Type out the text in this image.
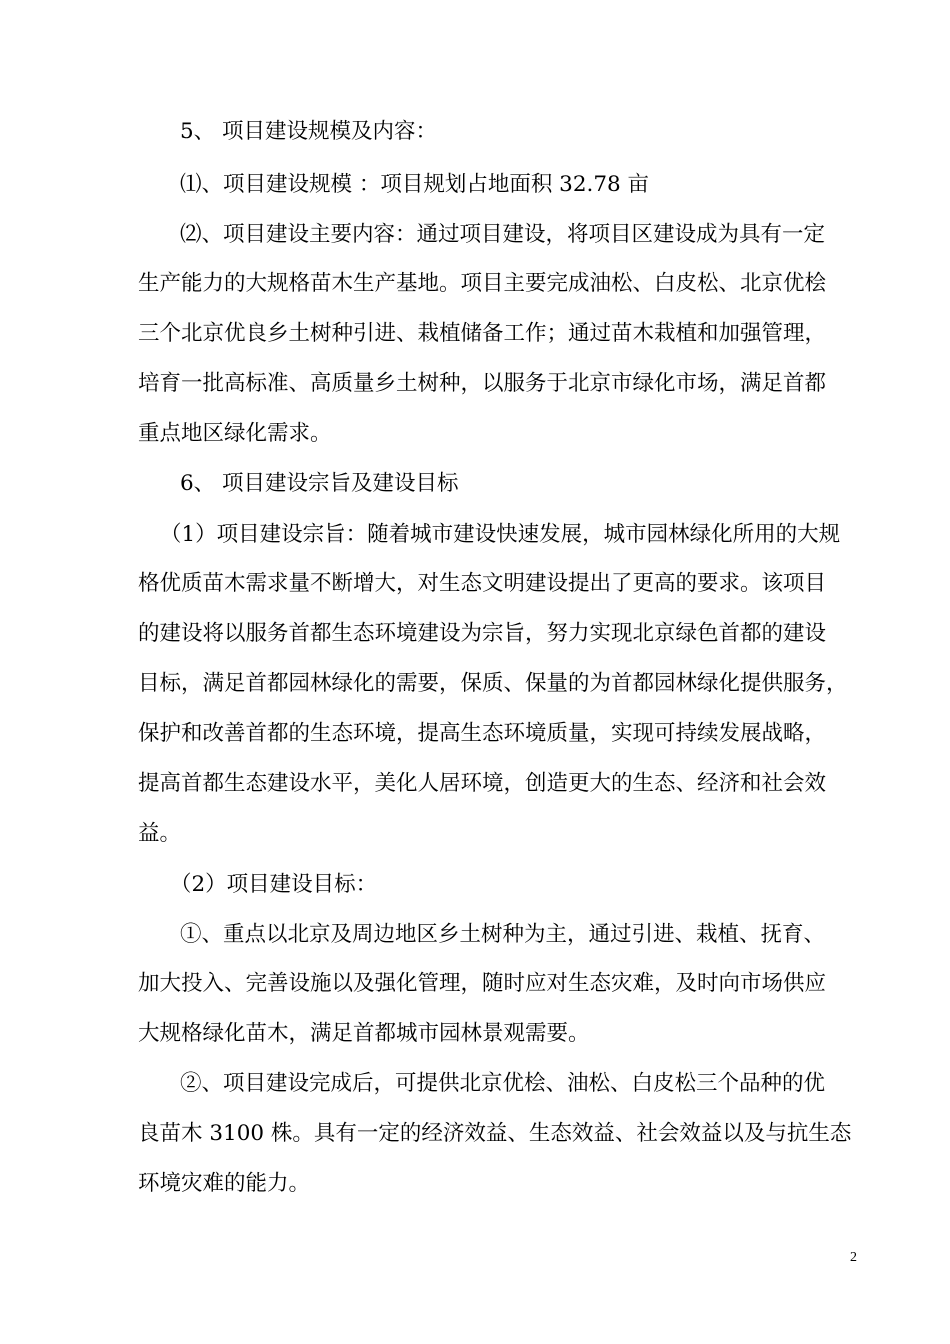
5、 项目建设规模及内容：
⑴、项目建设规模 ：项目规划占地面积 32.78 亩
⑵、项目建设主要内容：通过项目建设，将项目区建设成为具有一定
生产能力的大规格苗木生产基地。项目主要完成油松、白皮松、北京优桧
三个北京优良乡土树种引进、栽植储备工作；通过苗木栽植和加强管理，
培育一批高标准、高质量乡土树种，以服务于北京市绿化市场，满足首都
重点地区绿化需求。
6、 项目建设宗旨及建设目标
（1）项目建设宗旨：随着城市建设快速发展，城市园林绿化所用的大规
格优质苗木需求量不断增大，对生态文明建设提出了更高的要求。该项目
的建设将以服务首都生态环境建设为宗旨，努力实现北京绿色首都的建设
目标，满足首都园林绿化的需要，保质、保量的为首都园林绿化提供服务，
保护和改善首都的生态环境，提高生态环境质量，实现可持续发展战略，
提高首都生态建设水平，美化人居环境，创造更大的生态、经济和社会效
益。
（2）项目建设目标：
①、重点以北京及周边地区乡土树种为主，通过引进、栽植、抚育、
加大投入、完善设施以及强化管理，随时应对生态灾难，及时向市场供应
大规格绿化苗木，满足首都城市园林景观需要。
②、项目建设完成后，可提供北京优桧、油松、白皮松三个品种的优
良苗木 3100 株。具有一定的经济效益、生态效益、社会效益以及与抗生态
环境灾难的能力。
2
